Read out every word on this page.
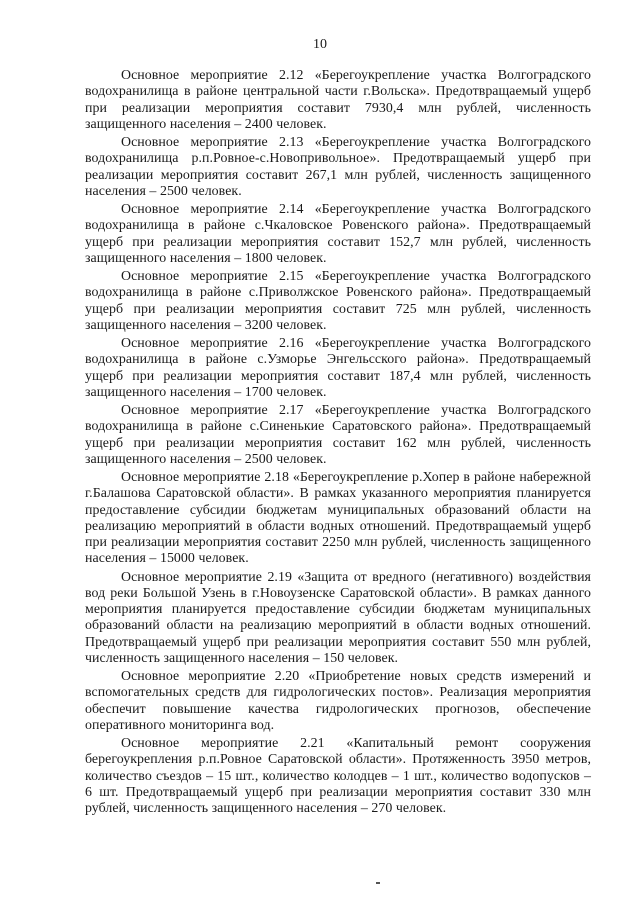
10

Основное мероприятие 2.12 «Берегоукрепление участка Волгоградского водохранилища в районе центральной части г.Вольска». Предотвращаемый ущерб при реализации мероприятия составит 7930,4 млн рублей, численность защищенного населения – 2400 человек.

Основное мероприятие 2.13 «Берегоукрепление участка Волгоградского водохранилища р.п.Ровное-с.Новопривольное». Предотвращаемый ущерб при реализации мероприятия составит 267,1 млн рублей, численность защищенного населения – 2500 человек.

Основное мероприятие 2.14 «Берегоукрепление участка Волгоградского водохранилища в районе с.Чкаловское Ровенского района». Предотвращаемый ущерб при реализации мероприятия составит 152,7 млн рублей, численность защищенного населения – 1800 человек.

Основное мероприятие 2.15 «Берегоукрепление участка Волгоградского водохранилища в районе с.Приволжское Ровенского района». Предотвращаемый ущерб при реализации мероприятия составит 725 млн рублей, численность защищенного населения – 3200 человек.

Основное мероприятие 2.16 «Берегоукрепление участка Волгоградского водохранилища в районе с.Узморье Энгельсского района». Предотвращаемый ущерб при реализации мероприятия составит 187,4 млн рублей, численность защищенного населения – 1700 человек.

Основное мероприятие 2.17 «Берегоукрепление участка Волгоградского водохранилища в районе с.Синенькие Саратовского района». Предотвращаемый ущерб при реализации мероприятия составит 162 млн рублей, численность защищенного населения – 2500 человек.

Основное мероприятие 2.18 «Берегоукрепление р.Хопер в районе набережной г.Балашова Саратовской области». В рамках указанного мероприятия планируется предоставление субсидии бюджетам муниципальных образований области на реализацию мероприятий в области водных отношений. Предотвращаемый ущерб при реализации мероприятия составит 2250 млн рублей, численность защищенного населения – 15000 человек.

Основное мероприятие 2.19 «Защита от вредного (негативного) воздействия вод реки Большой Узень в г.Новоузенске Саратовской области». В рамках данного мероприятия планируется предоставление субсидии бюджетам муниципальных образований области на реализацию мероприятий в области водных отношений. Предотвращаемый ущерб при реализации мероприятия составит 550 млн рублей, численность защищенного населения – 150 человек.

Основное мероприятие 2.20 «Приобретение новых средств измерений и вспомогательных средств для гидрологических постов». Реализация мероприятия обеспечит повышение качества гидрологических прогнозов, обеспечение оперативного мониторинга вод.

Основное мероприятие 2.21 «Капитальный ремонт сооружения берегоукрепления р.п.Ровное Саратовской области». Протяженность 3950 метров, количество съездов – 15 шт., количество колодцев – 1 шт., количество водопусков – 6 шт. Предотвращаемый ущерб при реализации мероприятия составит 330 млн рублей, численность защищенного населения – 270 человек.
